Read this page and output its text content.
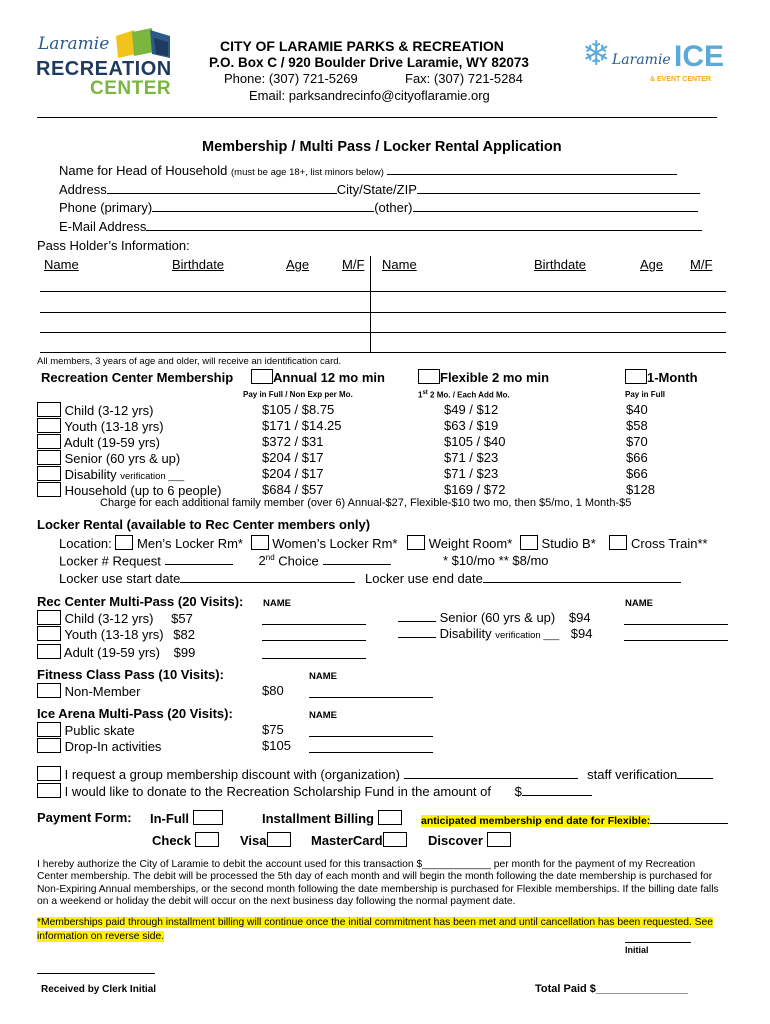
Laramie
RECREATION
CENTER
CITY OF LARAMIE PARKS & RECREATION
P.O. Box C / 920 Boulder Drive Laramie, WY 82073
Phone: (307) 721-5269	Fax: (307) 721-5284
Email: parksandrecinfo@cityoflaramie.org
❄ Laramie ICE
& EVENT CENTER
Membership / Multi Pass / Locker Rental Application
Name for Head of Household (must be age 18+, list minors below)
Address	City/State/ZIP
Phone (primary)	(other)
E-Mail Address
Pass Holder’s Information:
Name	Birthdate	Age	M/F Name	Birthdate	Age M/F
All members, 3 years of age and older, will receive an identification card.
Recreation Center Membership	Annual 12 mo min	Flexible 2 mo min	1-Month
Pay in Full / Non Exp per Mo.	1st 2 Mo. / Each Add Mo.	Pay in Full
Child (3-12 yrs)	$105 / $8.75	$49 / $12	$40
Youth (13-18 yrs)	$171 / $14.25	$63 / $19	$58
Adult (19-59 yrs)	$372 / $31	$105 / $40	$70
Senior (60 yrs & up)	$204 / $17	$71 / $23	$66
Disability verification ___	$204 / $17	$71 / $23	$66
Household (up to 6 people)	$684 / $57	$169 / $72	$128
Charge for each additional family member (over 6) Annual-$27, Flexible-$10 two mo, then $5/mo, 1 Month-$5
Locker Rental (available to Rec Center members only)
Location: Men’s Locker Rm* Women’s Locker Rm* Weight Room* Studio B*	Cross Train**
Locker # Request	2nd Choice	* $10/mo ** $8/mo
Locker use start date	Locker use end date
Rec Center Multi-Pass (20 Visits): NAME	NAME
Child (3-12 yrs) $57
Youth (13-18 yrs) $82
Adult (19-59 yrs) $99
Senior (60 yrs & up) $94
Disability verification ___ $94
Fitness Class Pass (10 Visits):	NAME
Non-Member	$80
Ice Arena Multi-Pass (20 Visits):	NAME
Public skate	$75
Drop-In activities	$105
I request a group membership discount with (organization)	staff verification
I would like to donate to the Recreation Scholarship Fund in the amount of $
Payment Form: In-Full	Installment Billing	anticipated membership end date for Flexible:
Check	Visa	MasterCard	Discover
I hereby authorize the City of Laramie to debit the account used for this transaction $____________ per month for the payment of my Recreation Center membership. The debit will be processed the 5th day of each month and will begin the month following the date membership is purchased for Non-Expiring Annual memberships, or the second month following the date membership is purchased for Flexible memberships. If the billing date falls on a weekend or holiday the debit will occur on the next business day following the normal payment date.
*Memberships paid through installment billing will continue once the initial commitment has been met and until cancellation has been requested. See information on reverse side.
Initial
Received by Clerk Initial	Total Paid $_______________
